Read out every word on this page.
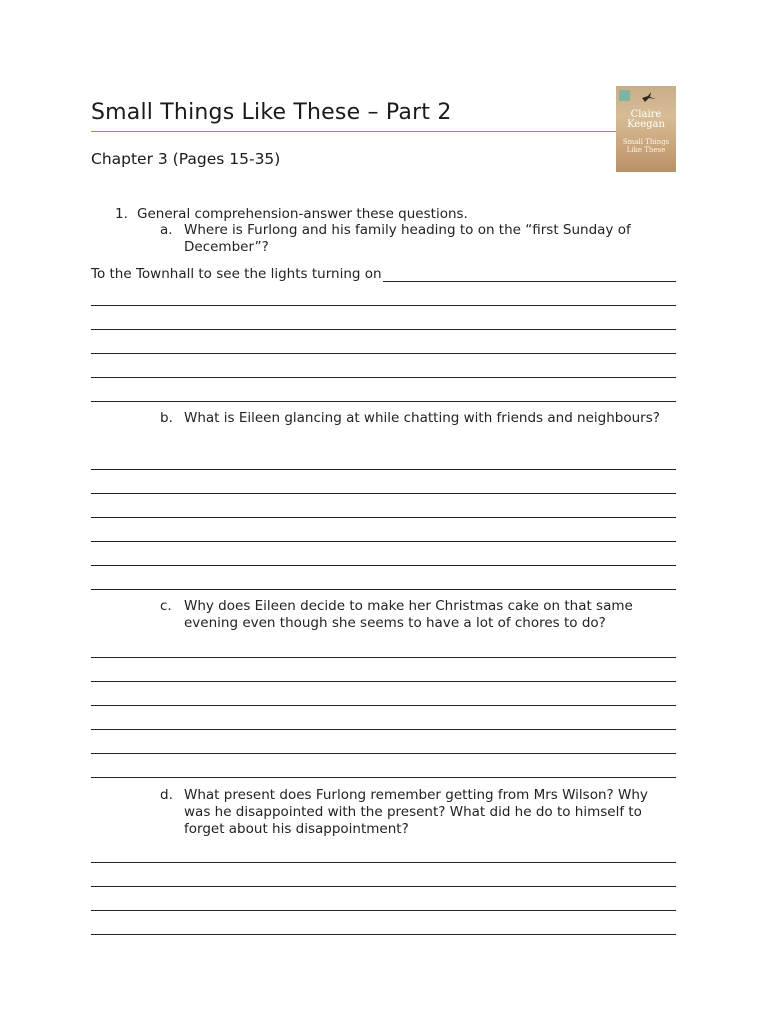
Small Things Like These – Part 2
Chapter 3 (Pages 15-35)
Claire Keegan
Small Things Like These
1. General comprehension-answer these questions.
a. Where is Furlong and his family heading to on the “first Sunday of December”?
To the Townhall to see the lights turning on
b. What is Eileen glancing at while chatting with friends and neighbours?
c. Why does Eileen decide to make her Christmas cake on that same evening even though she seems to have a lot of chores to do?
d. What present does Furlong remember getting from Mrs Wilson? Why was he disappointed with the present? What did he do to himself to forget about his disappointment?
